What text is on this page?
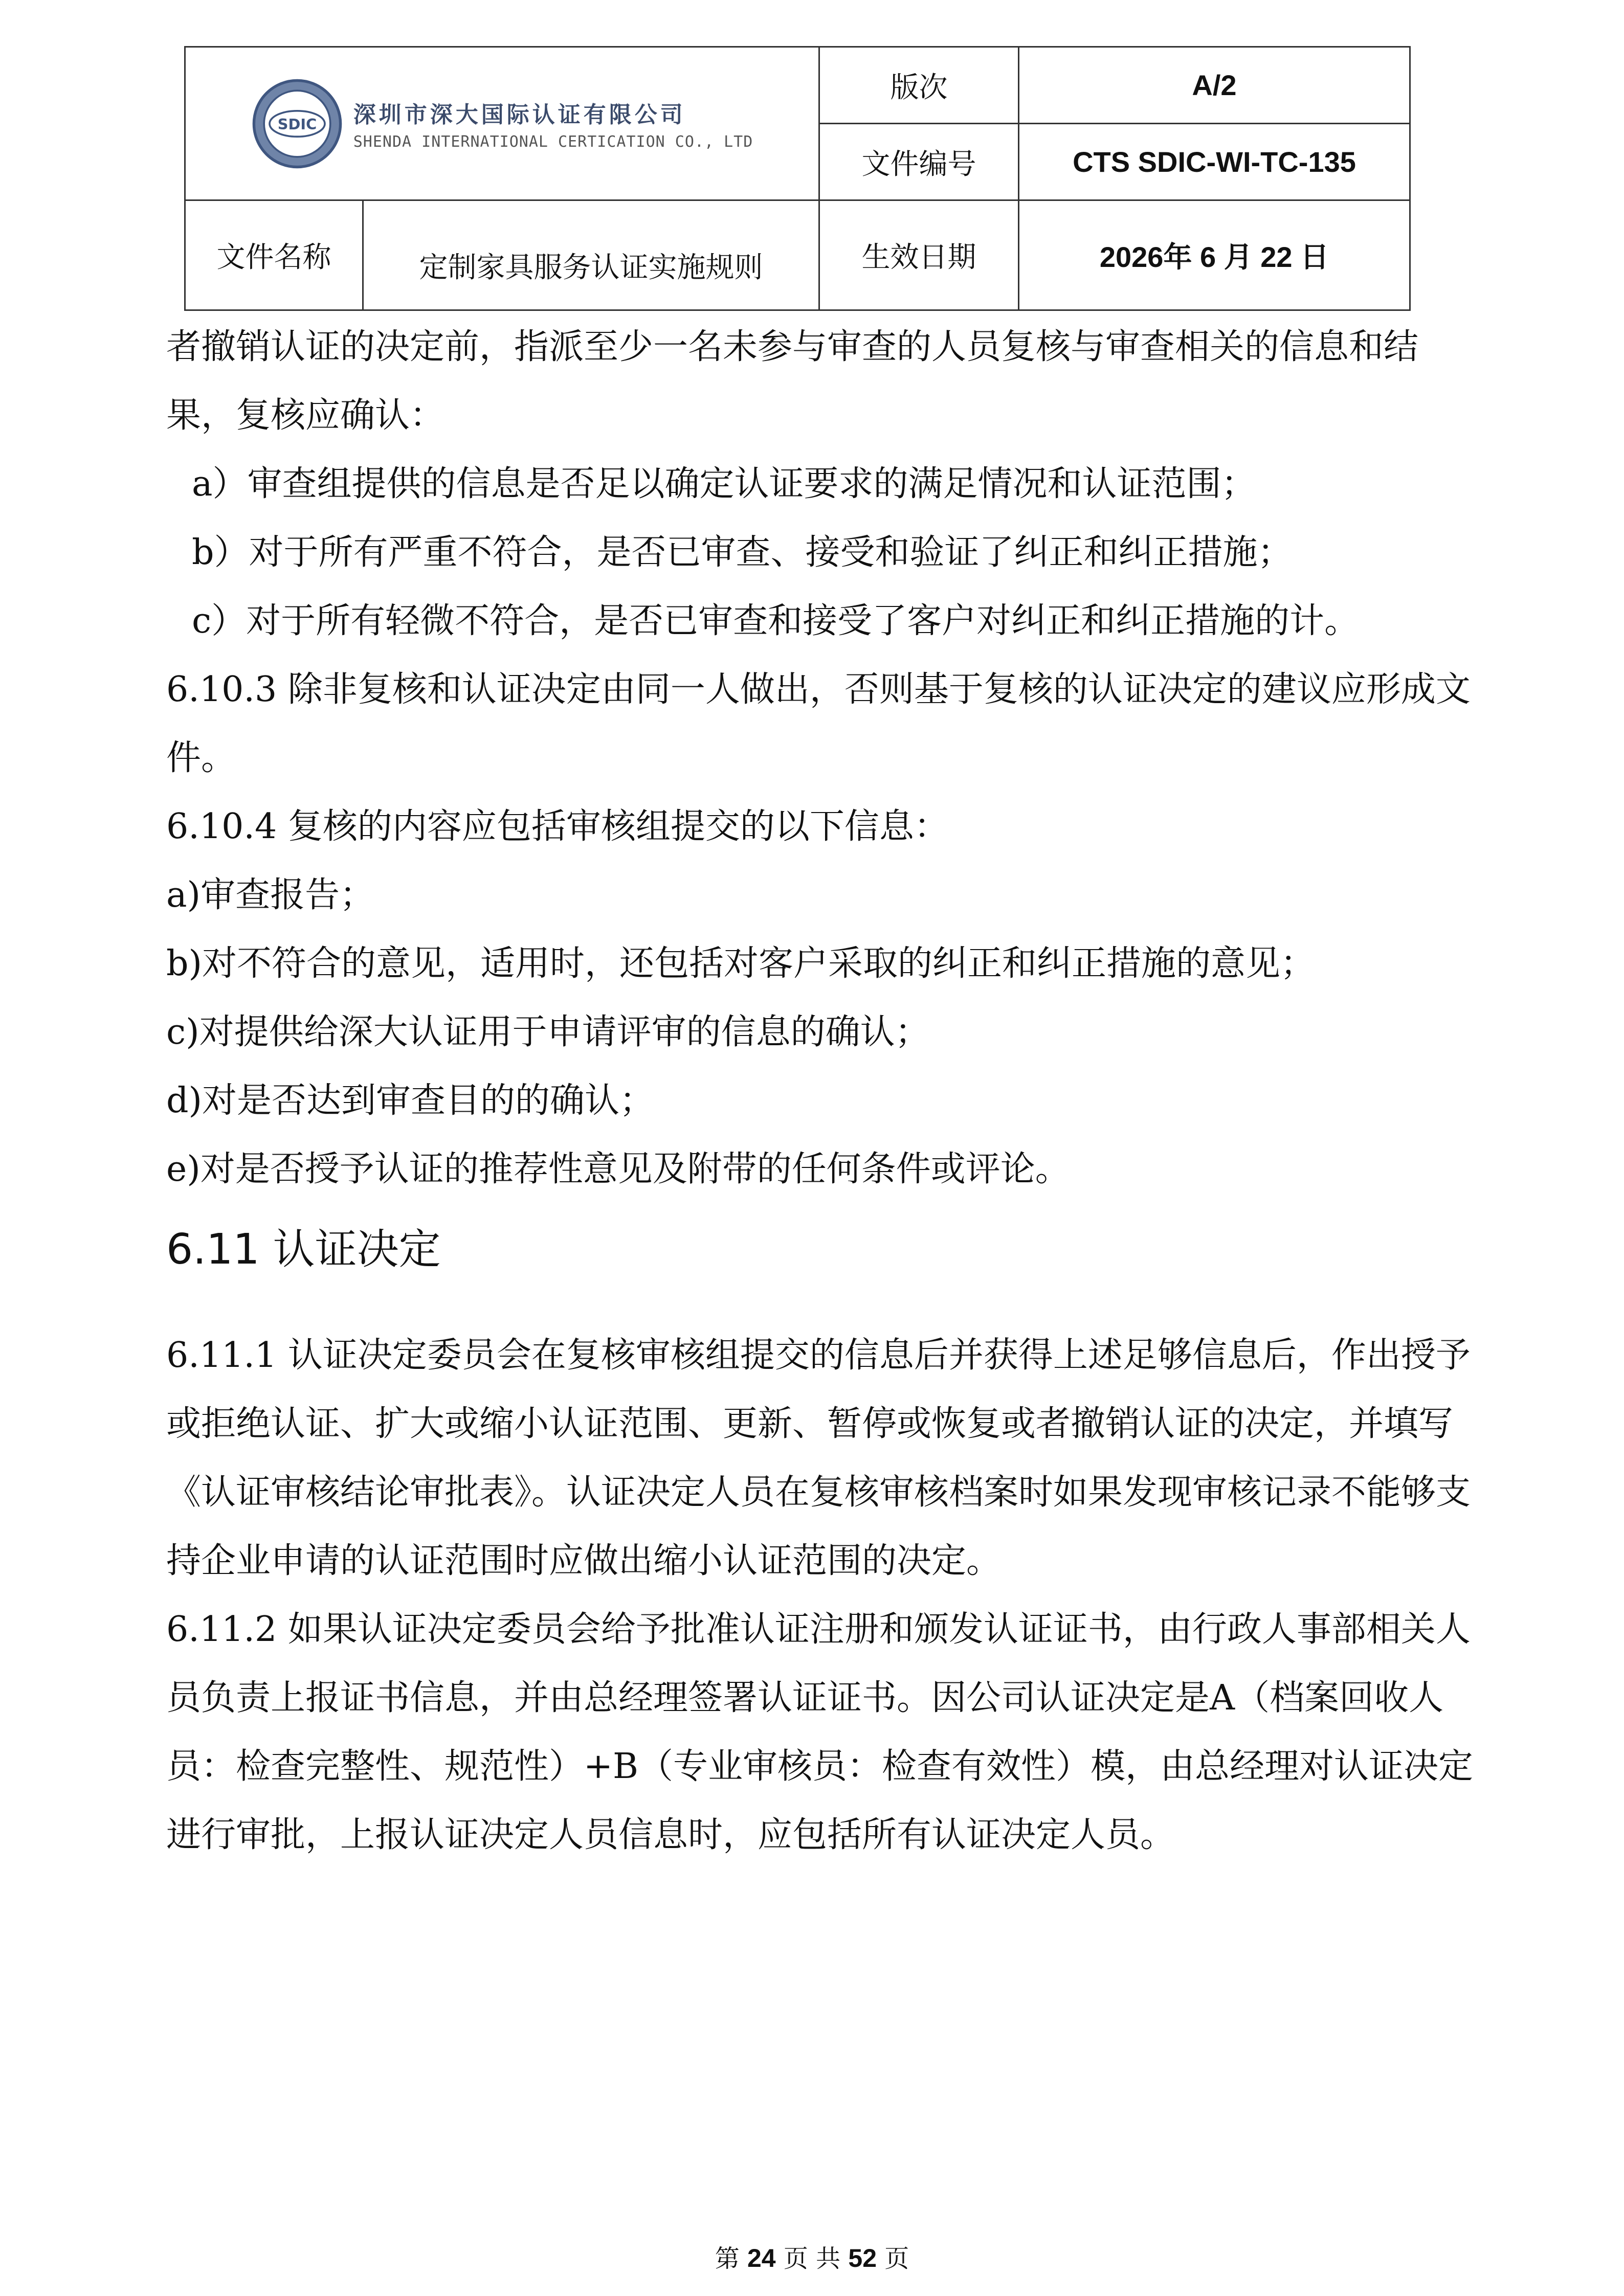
SDIC 深圳市深大国际认证有限公司
SHENDA INTERNATIONAL CERTICATION CO., LTD	版次	A/2
	文件编号	CTS SDIC-WI-TC-135

文件名称 定制家具服务认证实施规则	生效日期	2026年 6 月 22 日

者撤销认证的决定前，指派至少一名未参与审查的人员复核与审查相关的信息和结果，复核应确认：

a）审查组提供的信息是否足以确定认证要求的满足情况和认证范围；

b）对于所有严重不符合，是否已审查、接受和验证了纠正和纠正措施；

c）对于所有轻微不符合，是否已审查和接受了客户对纠正和纠正措施的计。

6.10.3 除非复核和认证决定由同一人做出，否则基于复核的认证决定的建议应形成文件。

6.10.4 复核的内容应包括审核组提交的以下信息：

a)审查报告；

b)对不符合的意见，适用时，还包括对客户采取的纠正和纠正措施的意见；

c)对提供给深大认证用于申请评审的信息的确认；

d)对是否达到审查目的的确认；

e)对是否授予认证的推荐性意见及附带的任何条件或评论。

6.11 认证决定

6.11.1 认证决定委员会在复核审核组提交的信息后并获得上述足够信息后，作出授予或拒绝认证、扩大或缩小认证范围、更新、暂停或恢复或者撤销认证的决定，并填写《认证审核结论审批表》。认证决定人员在复核审核档案时如果发现审核记录不能够支持企业申请的认证范围时应做出缩小认证范围的决定。

6.11.2 如果认证决定委员会给予批准认证注册和颁发认证证书，由行政人事部相关人员负责上报证书信息，并由总经理签署认证证书。因公司认证决定是A（档案回收人员：检查完整性、规范性）+B（专业审核员：检查有效性）模，由总经理对认证决定进行审批，上报认证决定人员信息时，应包括所有认证决定人员。

第 24 页 共 52 页
